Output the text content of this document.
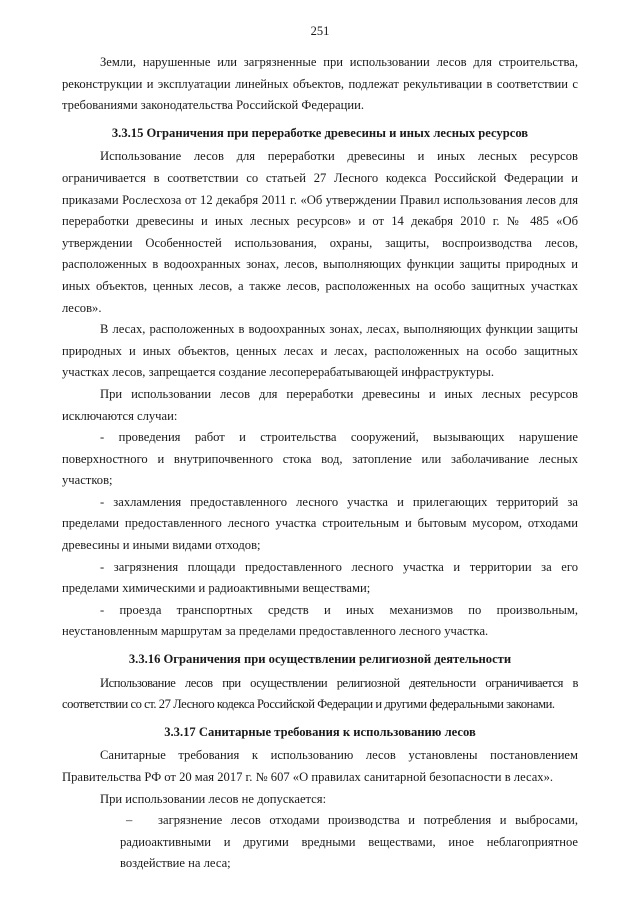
251

Земли, нарушенные или загрязненные при использовании лесов для строительства, реконструкции и эксплуатации линейных объектов, подлежат рекультивации в соответствии с требованиями законодательства Российской Федерации.

3.3.15 Ограничения при переработке древесины и иных лесных ресурсов

Использование лесов для переработки древесины и иных лесных ресурсов ограничивается в соответствии со статьей 27 Лесного кодекса Российской Федерации и приказами Рослесхоза от 12 декабря 2011 г. «Об утверждении Правил использования лесов для переработки древесины и иных лесных ресурсов» и от 14 декабря 2010 г. № 485 «Об утверждении Особенностей использования, охраны, защиты, воспроизводства лесов, расположенных в водоохранных зонах, лесов, выполняющих функции защиты природных и иных объектов, ценных лесов, а также лесов, расположенных на особо защитных участках лесов».

В лесах, расположенных в водоохранных зонах, лесах, выполняющих функции защиты природных и иных объектов, ценных лесах и лесах, расположенных на особо защитных участках лесов, запрещается создание лесоперерабатывающей инфраструктуры.

При использовании лесов для переработки древесины и иных лесных ресурсов исключаются случаи:

- проведения работ и строительства сооружений, вызывающих нарушение поверхностного и внутрипочвенного стока вод, затопление или заболачивание лесных участков;

- захламления предоставленного лесного участка и прилегающих территорий за пределами предоставленного лесного участка строительным и бытовым мусором, отходами древесины и иными видами отходов;

- загрязнения площади предоставленного лесного участка и территории за его пределами химическими и радиоактивными веществами;

- проезда транспортных средств и иных механизмов по произвольным, неустановленным маршрутам за пределами предоставленного лесного участка.

3.3.16 Ограничения при осуществлении религиозной деятельности

Использование лесов при осуществлении религиозной деятельности ограничивается в соответствии со ст. 27 Лесного кодекса Российской Федерации и другими федеральными законами.

3.3.17 Санитарные требования к использованию лесов

Санитарные требования к использованию лесов установлены постановлением Правительства РФ от 20 мая 2017 г. № 607 «О правилах санитарной безопасности в лесах».

При использовании лесов не допускается:

– загрязнение лесов отходами производства и потребления и выбросами, радиоактивными и другими вредными веществами, иное неблагоприятное воздействие на леса;
